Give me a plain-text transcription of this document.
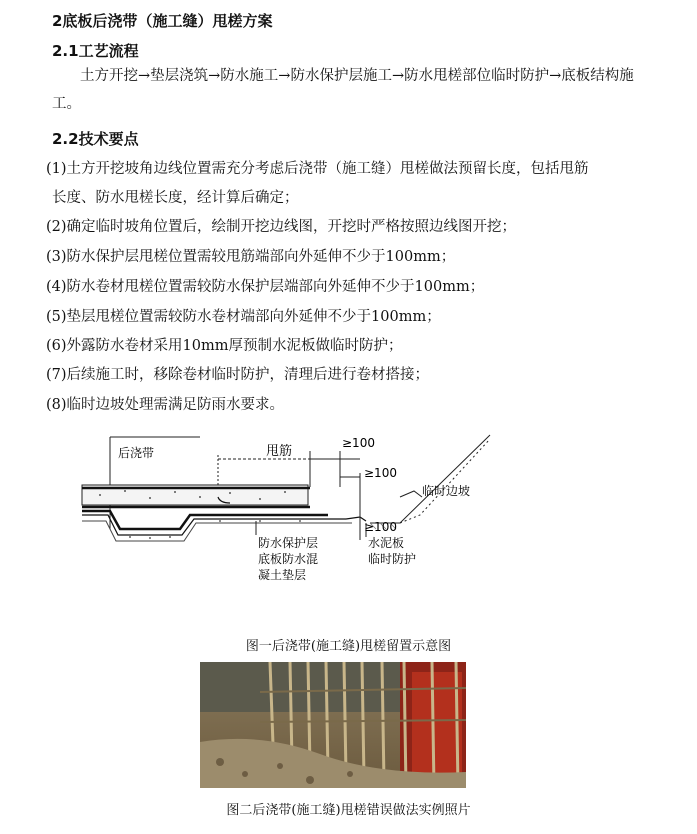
2底板后浇带（施工缝）甩槎方案
2.1工艺流程
土方开挖→垫层浇筑→防水施工→防水保护层施工→防水甩槎部位临时防护→底板结构施工。
2.2技术要点
(1)土方开挖坡角边线位置需充分考虑后浇带（施工缝）甩槎做法预留长度，包括甩筋
长度、防水甩槎长度，经计算后确定；
(2)确定临时坡角位置后，绘制开挖边线图，开挖时严格按照边线图开挖；
(3)防水保护层甩槎位置需较甩筋端部向外延伸不少于100mm；
(4)防水卷材甩槎位置需较防水保护层端部向外延伸不少于100mm；
(5)垫层甩槎位置需较防水卷材端部向外延伸不少于100mm；
(6)外露防水卷材采用10mm厚预制水泥板做临时防护；
(7)后续施工时，移除卷材临时防护，清理后进行卷材搭接；
(8)临时边坡处理需满足防雨水要求。
后浇带	甩筋
≥100
≥100
≥100
临时边坡
防水保护层
底板防水混
凝土垫层
水泥板
临时防护
图一后浇带(施工缝)甩槎留置示意图
图二后浇带(施工缝)甩槎错误做法实例照片
